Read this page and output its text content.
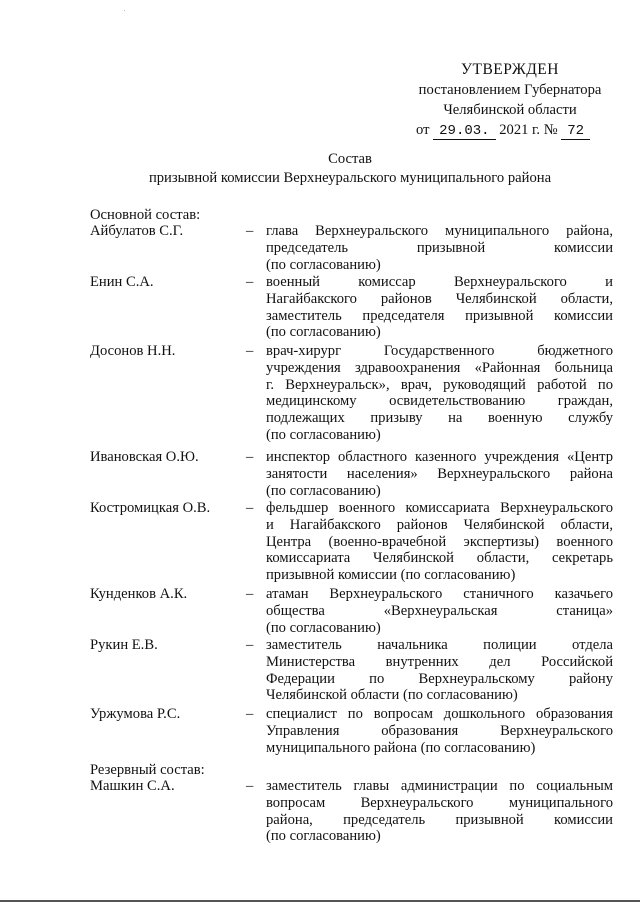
УТВЕРЖДЕН
постановлением Губернатора
Челябинской области
от 29.03. 2021 г. № 72
Состав
призывной комиссии Верхнеуральского муниципального района
Основной состав:
Айбулатов С.Г.	– глава Верхнеуральского муниципального района,
председатель призывной комиссии
(по согласованию)
Енин С.А.	– военный комиссар Верхнеуральского и
Нагайбакского районов Челябинской области,
заместитель председателя призывной комиссии
(по согласованию)
Досонов Н.Н.	– врач-хирург Государственного бюджетного
учреждения здравоохранения «Районная больница
г. Верхнеуральск», врач, руководящий работой по
медицинскому освидетельствованию граждан,
подлежащих призыву на военную службу
(по согласованию)
Ивановская О.Ю.	– инспектор областного казенного учреждения «Центр
занятости населения» Верхнеуральского района
(по согласованию)
Костромицкая О.В. – фельдшер военного комиссариата Верхнеуральского
и Нагайбакского районов Челябинской области,
Центра (военно-врачебной экспертизы) военного
комиссариата Челябинской области, секретарь
призывной комиссии (по согласованию)
Кунденков А.К.	– атаман Верхнеуральского станичного казачьего
общества «Верхнеуральская станица»
(по согласованию)
Рукин Е.В.	– заместитель начальника полиции отдела
Министерства внутренних дел Российской
Федерации по Верхнеуральскому району
Челябинской области (по согласованию)
Уржумова Р.С.	– специалист по вопросам дошкольного образования
Управления образования Верхнеуральского
муниципального района (по согласованию)
Резервный состав:
Машкин С.А.	– заместитель главы администрации по социальным
вопросам Верхнеуральского муниципального
района, председатель призывной комиссии
(по согласованию)
